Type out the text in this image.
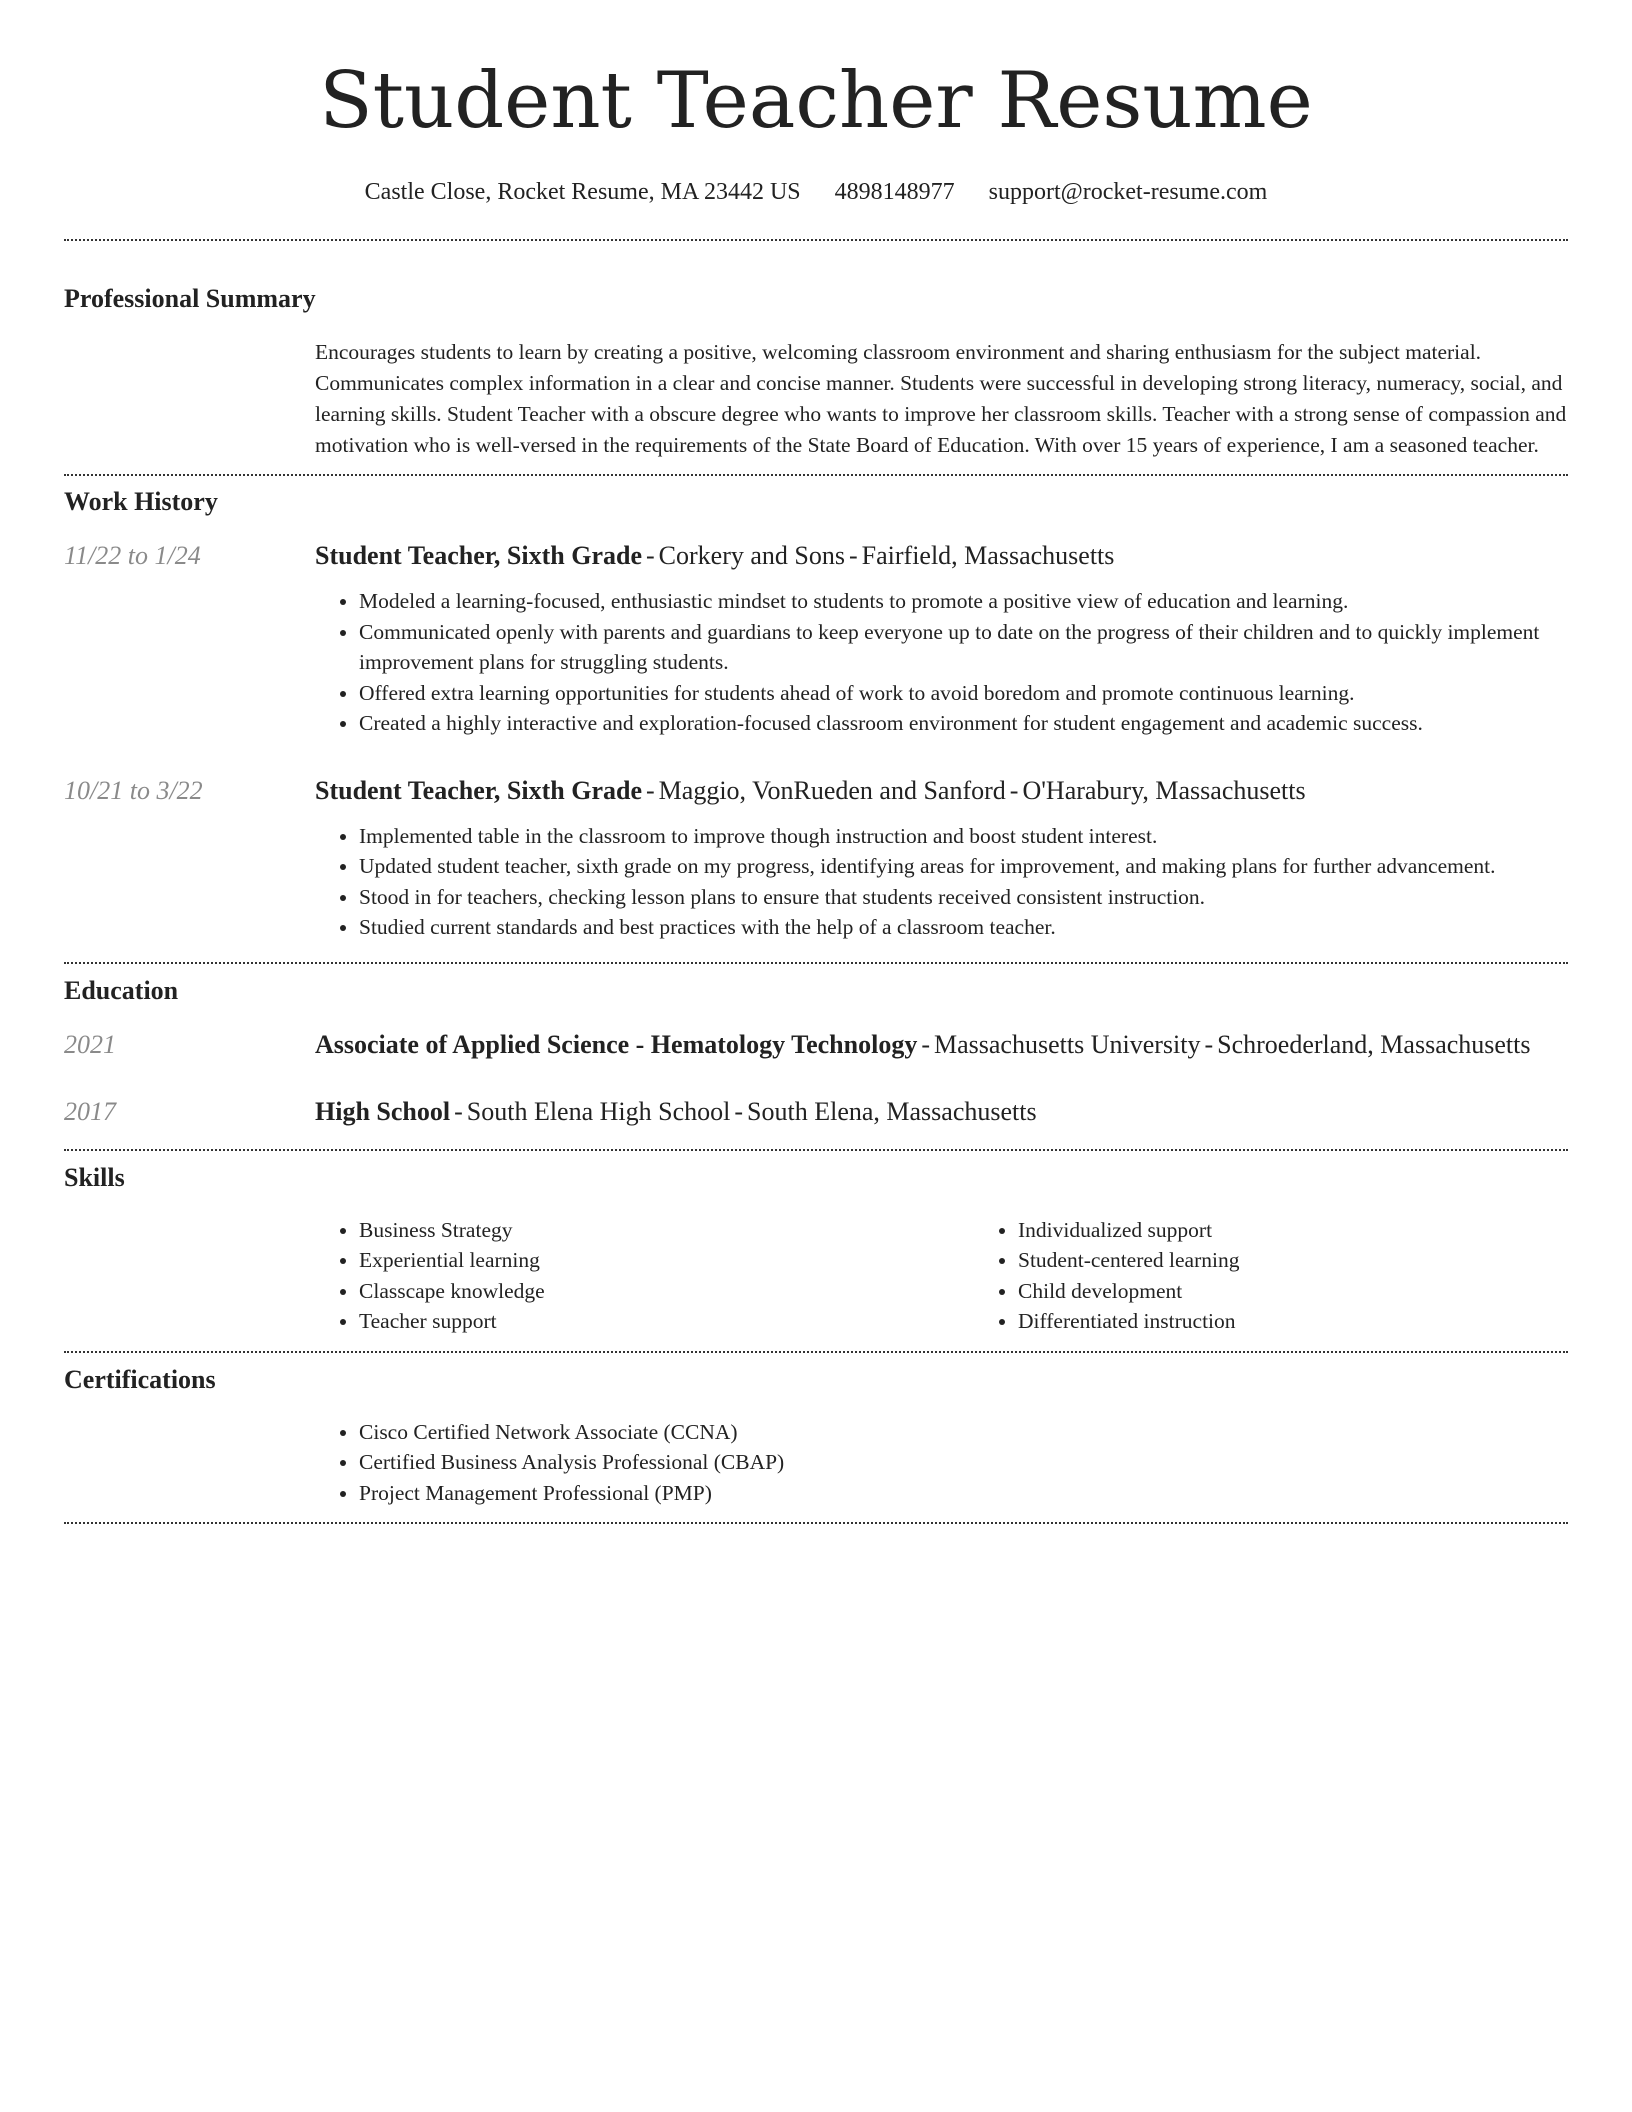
Student Teacher Resume
Castle Close, Rocket Resume, MA 23442 US 4898148977 support@rocket-resume.com
Professional Summary

Encourages students to learn by creating a positive, welcoming classroom environment and sharing enthusiasm for the subject material. Communicates complex information in a clear and concise manner. Students were successful in developing strong literacy, numeracy, social, and learning skills. Student Teacher with a obscure degree who wants to improve her classroom skills. Teacher with a strong sense of compassion and motivation who is well-versed in the requirements of the State Board of Education. With over 15 years of experience, I am a seasoned teacher.

Work History
11/22 to 1/24	Student Teacher, Sixth Grade - Corkery and Sons - Fairfield, Massachusetts
• Modeled a learning-focused, enthusiastic mindset to students to promote a positive view of education and learning.
• Communicated openly with parents and guardians to keep everyone up to date on the progress of their children and to quickly implement improvement plans for struggling students.
• Offered extra learning opportunities for students ahead of work to avoid boredom and promote continuous learning.
• Created a highly interactive and exploration-focused classroom environment for student engagement and academic success.
10/21 to 3/22	Student Teacher, Sixth Grade - Maggio, VonRueden and Sanford - O'Harabury, Massachusetts
• Implemented table in the classroom to improve though instruction and boost student interest.
• Updated student teacher, sixth grade on my progress, identifying areas for improvement, and making plans for further advancement.
• Stood in for teachers, checking lesson plans to ensure that students received consistent instruction.
• Studied current standards and best practices with the help of a classroom teacher.
Education
2021	Associate of Applied Science - Hematology Technology - Massachusetts University - Schroederland, Massachusetts
2017	High School - South Elena High School - South Elena, Massachusetts
Skills
• Business Strategy
• Experiential learning
• Classcape knowledge
• Teacher support
• Individualized support
• Student-centered learning
• Child development
• Differentiated instruction
Certifications
• Cisco Certified Network Associate (CCNA)
• Certified Business Analysis Professional (CBAP)
• Project Management Professional (PMP)
